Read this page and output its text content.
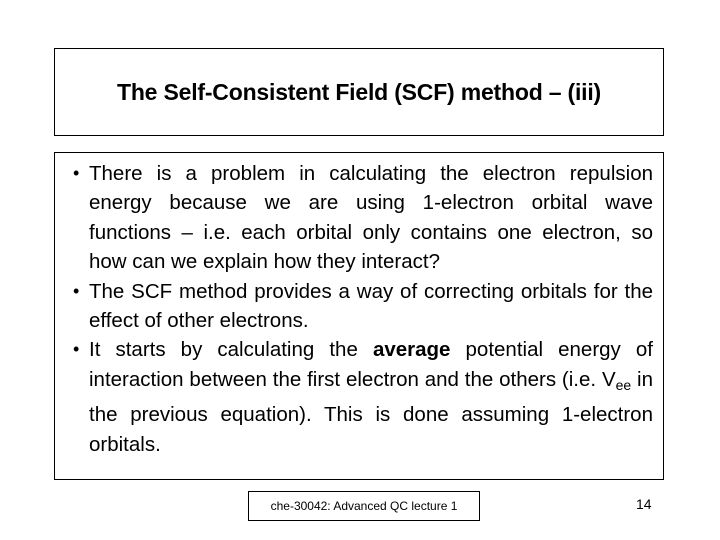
The Self-Consistent Field (SCF) method – (iii)
• There is a problem in calculating the electron repulsion energy because we are using 1-electron orbital wave functions – i.e. each orbital only contains one electron, so how can we explain how they interact?
• The SCF method provides a way of correcting orbitals for the effect of other electrons.
• It starts by calculating the average potential energy of interaction between the first electron and the others (i.e. $V_{ee}$ in the previous equation). This is done assuming 1-electron orbitals.
che-30042: Advanced QC lecture 1	14
